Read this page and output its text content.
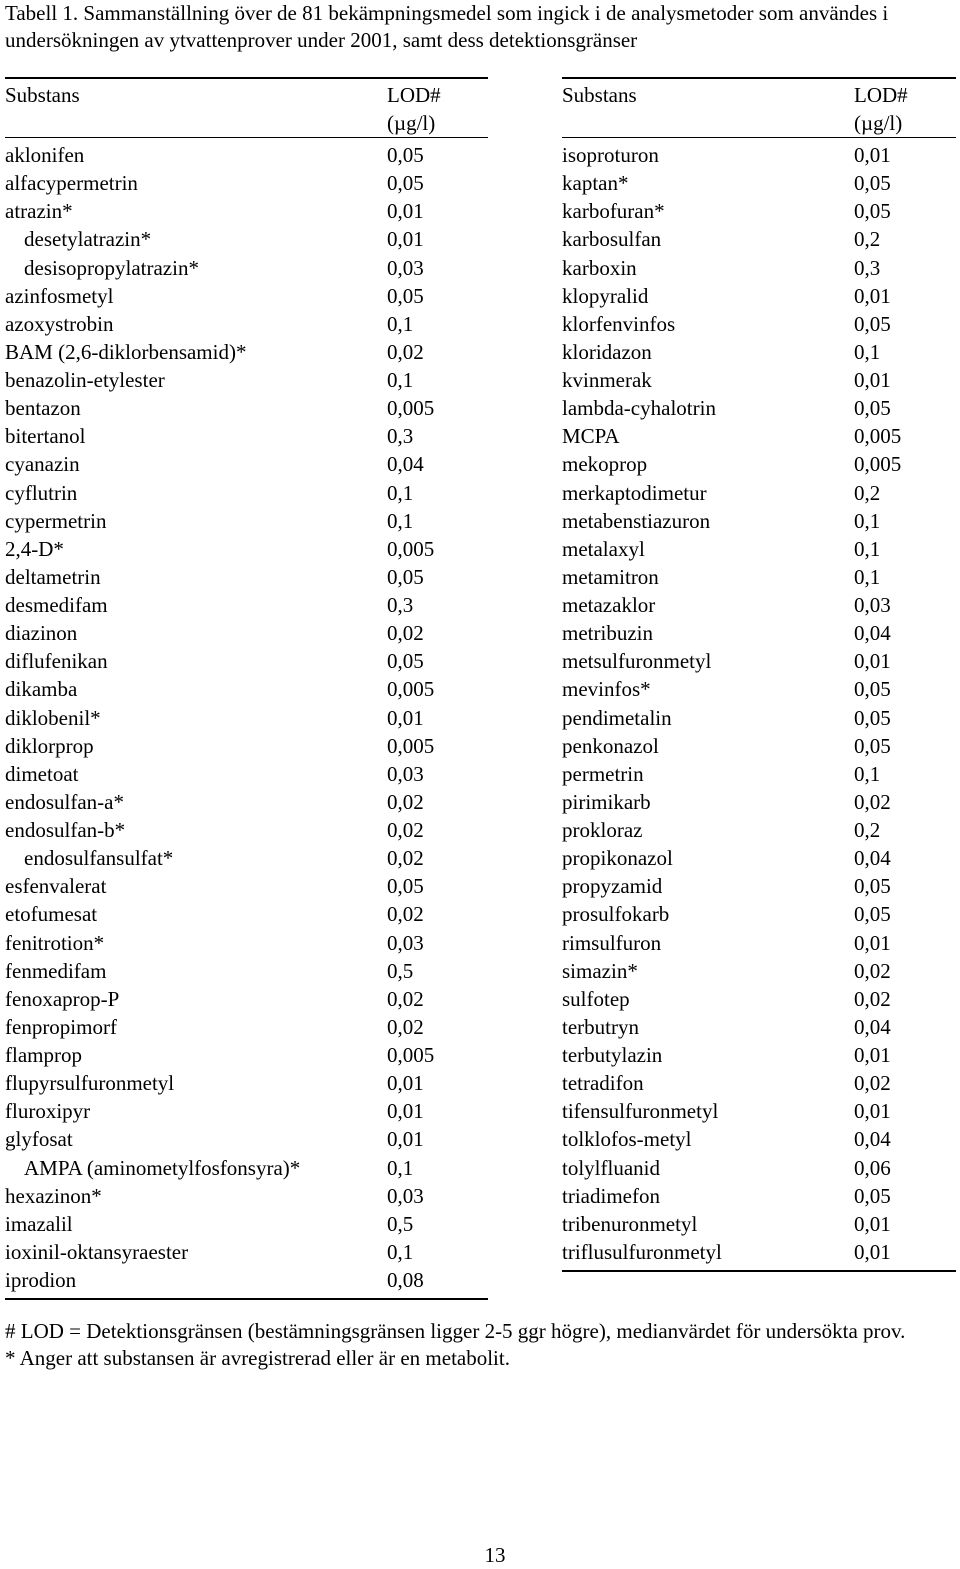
Tabell 1. Sammanställning över de 81 bekämpningsmedel som ingick i de analysmetoder som användes i undersökningen av ytvattenprover under 2001, samt dess detektionsgränser
Substans	LOD#
(µg/l)
aklonifen	0,05
alfacypermetrin	0,05
atrazin*	0,01
desetylatrazin*	0,01
desisopropylatrazin*	0,03
azinfosmetyl	0,05
azoxystrobin	0,1
BAM (2,6-diklorbensamid)*	0,02
benazolin-etylester	0,1
bentazon	0,005
bitertanol	0,3
cyanazin	0,04
cyflutrin	0,1
cypermetrin	0,1
2,4-D*	0,005
deltametrin	0,05
desmedifam	0,3
diazinon	0,02
diflufenikan	0,05
dikamba	0,005
diklobenil*	0,01
diklorprop	0,005
dimetoat	0,03
endosulfan-a*	0,02
endosulfan-b*	0,02
endosulfansulfat*	0,02
esfenvalerat	0,05
etofumesat	0,02
fenitrotion*	0,03
fenmedifam	0,5
fenoxaprop-P	0,02
fenpropimorf	0,02
flamprop	0,005
flupyrsulfuronmetyl	0,01
fluroxipyr	0,01
glyfosat	0,01
AMPA (aminometylfosfonsyra)*	0,1
hexazinon*	0,03
imazalil	0,5
ioxinil-oktansyraester	0,1
iprodion	0,08
Substans	LOD#
(µg/l)
isoproturon	0,01
kaptan*	0,05
karbofuran*	0,05
karbosulfan	0,2
karboxin	0,3
klopyralid	0,01
klorfenvinfos	0,05
kloridazon	0,1
kvinmerak	0,01
lambda-cyhalotrin	0,05
MCPA	0,005
mekoprop	0,005
merkaptodimetur	0,2
metabenstiazuron	0,1
metalaxyl	0,1
metamitron	0,1
metazaklor	0,03
metribuzin	0,04
metsulfuronmetyl	0,01
mevinfos*	0,05
pendimetalin	0,05
penkonazol	0,05
permetrin	0,1
pirimikarb	0,02
prokloraz	0,2
propikonazol	0,04
propyzamid	0,05
prosulfokarb	0,05
rimsulfuron	0,01
simazin*	0,02
sulfotep	0,02
terbutryn	0,04
terbutylazin	0,01
tetradifon	0,02
tifensulfuronmetyl	0,01
tolklofos-metyl	0,04
tolylfluanid	0,06
triadimefon	0,05
tribenuronmetyl	0,01
triflusulfuronmetyl	0,01

# LOD = Detektionsgränsen (bestämningsgränsen ligger 2-5 ggr högre), medianvärdet för undersökta prov.

* Anger att substansen är avregistrerad eller är en metabolit.

13
